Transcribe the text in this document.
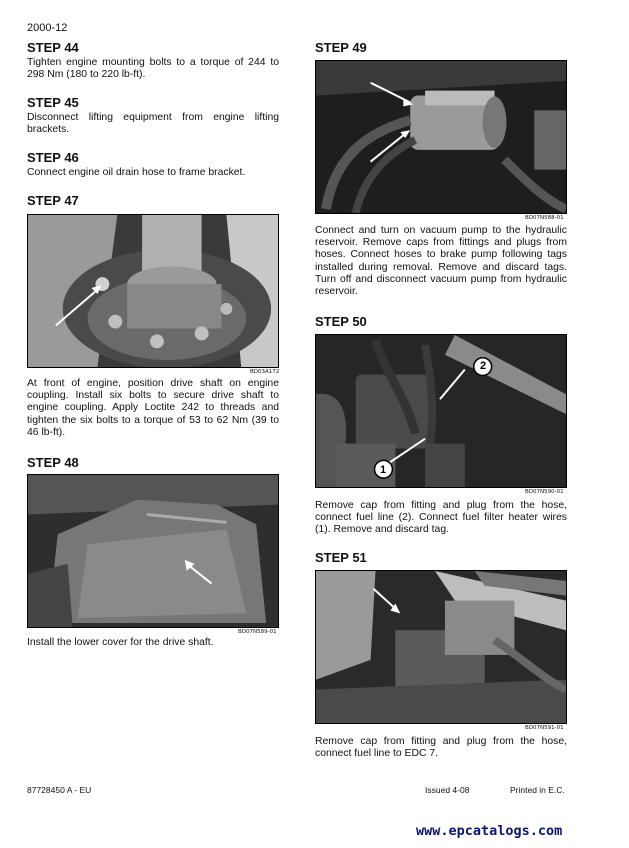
2000-12
STEP 44
Tighten engine mounting bolts to a torque of 244 to 298 Nm (180 to 220 lb-ft).
STEP 45
Disconnect lifting equipment from engine lifting brackets.
STEP 46
Connect engine oil drain hose to frame bracket.
STEP 47
BD03A172
At front of engine, position drive shaft on engine coupling. Install six bolts to secure drive shaft to engine coupling. Apply Loctite 242 to threads and tighten the six bolts to a torque of 53 to 62 Nm (39 to 46 lb-ft).
STEP 48
BD07N589-01
Install the lower cover for the drive shaft.
STEP 49
BD07N588-01
Connect and turn on vacuum pump to the hydraulic reservoir. Remove caps from fittings and plugs from hoses. Connect hoses to brake pump following tags installed during removal. Remove and discard tags. Turn off and disconnect vacuum pump from hydraulic reservoir.
STEP 50
2
1
BD07N590-01
Remove cap from fitting and plug from the hose, connect fuel line (2). Connect fuel filter heater wires (1). Remove and discard tag.
STEP 51
BD07N591-01
Remove cap from fitting and plug from the hose, connect fuel line to EDC 7.
87728450 A - EU	Issued 4-08	Printed in E.C.
www.epcatalogs.com
